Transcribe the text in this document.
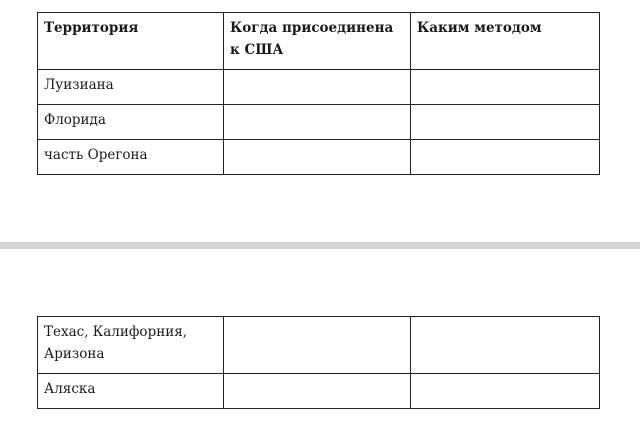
Территория	Когда присоединена к США	Каким методом
Луизиана		
Флорида		
часть Орегона		
Техас, Калифорния, Аризона		
Аляска		
